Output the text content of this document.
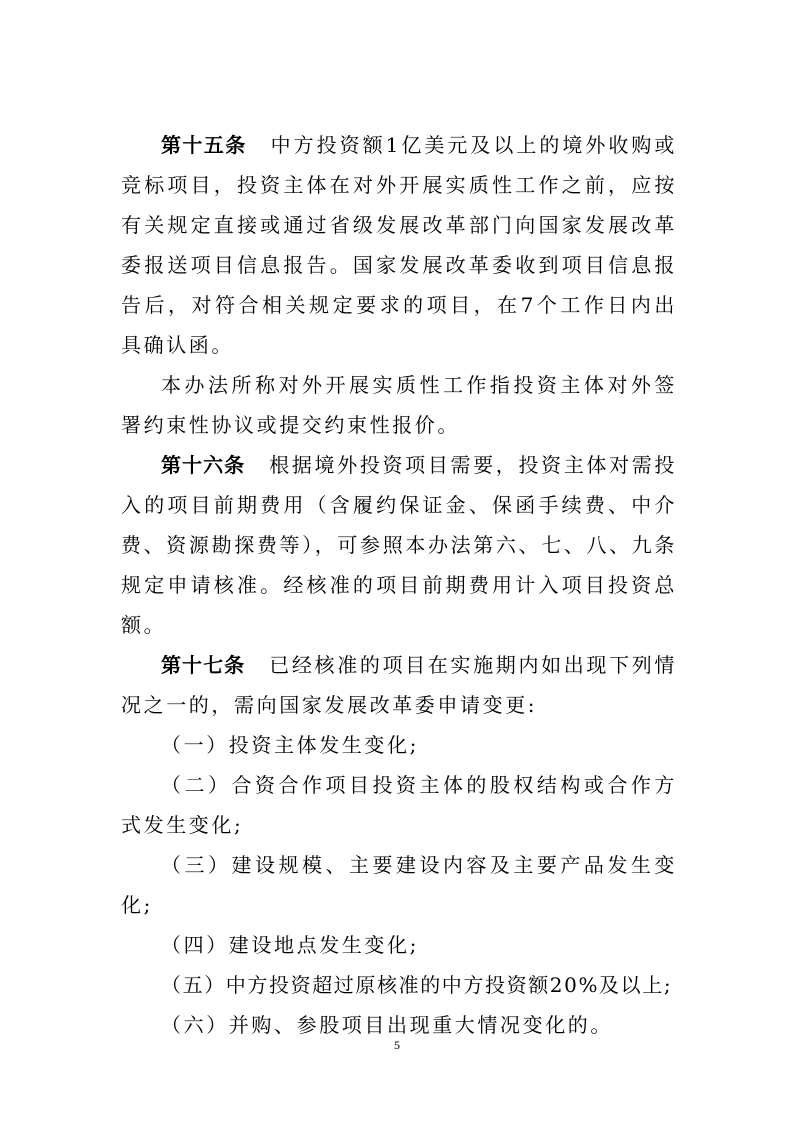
第十五条 中方投资额1亿美元及以上的境外收购或竞标项目，投资主体在对外开展实质性工作之前，应按有关规定直接或通过省级发展改革部门向国家发展改革委报送项目信息报告。国家发展改革委收到项目信息报告后，对符合相关规定要求的项目，在7个工作日内出具确认函。

本办法所称对外开展实质性工作指投资主体对外签署约束性协议或提交约束性报价。

第十六条 根据境外投资项目需要，投资主体对需投入的项目前期费用（含履约保证金、保函手续费、中介费、资源勘探费等），可参照本办法第六、七、八、九条规定申请核准。经核准的项目前期费用计入项目投资总额。

第十七条 已经核准的项目在实施期内如出现下列情况之一的，需向国家发展改革委申请变更:

（一）投资主体发生变化;

（二）合资合作项目投资主体的股权结构或合作方式发生变化;

（三）建设规模、主要建设内容及主要产品发生变化;

（四）建设地点发生变化;

（五）中方投资超过原核准的中方投资额20%及以上;

（六）并购、参股项目出现重大情况变化的。

5
